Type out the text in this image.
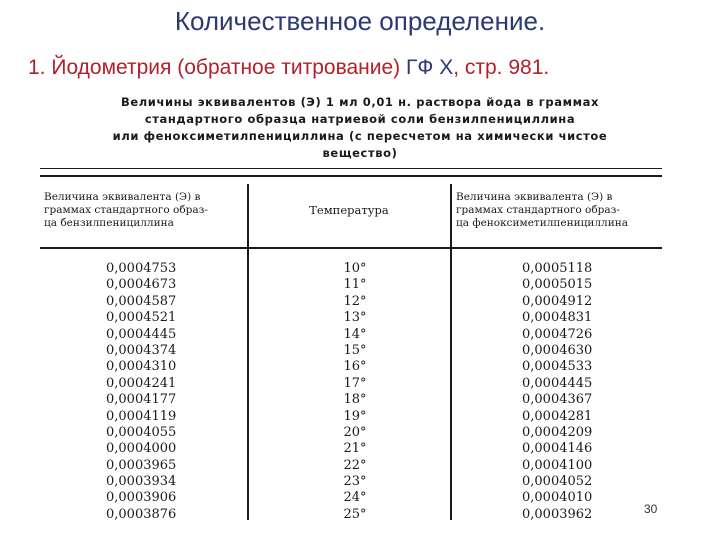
Количественное определение.
1. Йодометрия (обратное титрование) ГФ X, стр. 981.
Величины эквивалентов (Э) 1 мл 0,01 н. раствора йода в граммах
стандартного образца натриевой соли бензилпенициллина
или феноксиметилпенициллина (с пересчетом на химически чистое
вещество)
Величина эквивалента (Э) в
граммах стандартного образ-
ца бензилпенициллина
Температура
Величина эквивалента (Э) в
граммах стандартного образ-
ца феноксиметилпенициллина
0,0004753
0,0004673
0,0004587
0,0004521
0,0004445
0,0004374
0,0004310
0,0004241
0,0004177
0,0004119
0,0004055
0,0004000
0,0003965
0,0003934
0,0003906
0,0003876
10°
11°
12°
13°
14°
15°
16°
17°
18°
19°
20°
21°
22°
23°
24°
25°
0,0005118
0,0005015
0,0004912
0,0004831
0,0004726
0,0004630
0,0004533
0,0004445
0,0004367
0,0004281
0,0004209
0,0004146
0,0004100
0,0004052
0,0004010
0,0003962	30
